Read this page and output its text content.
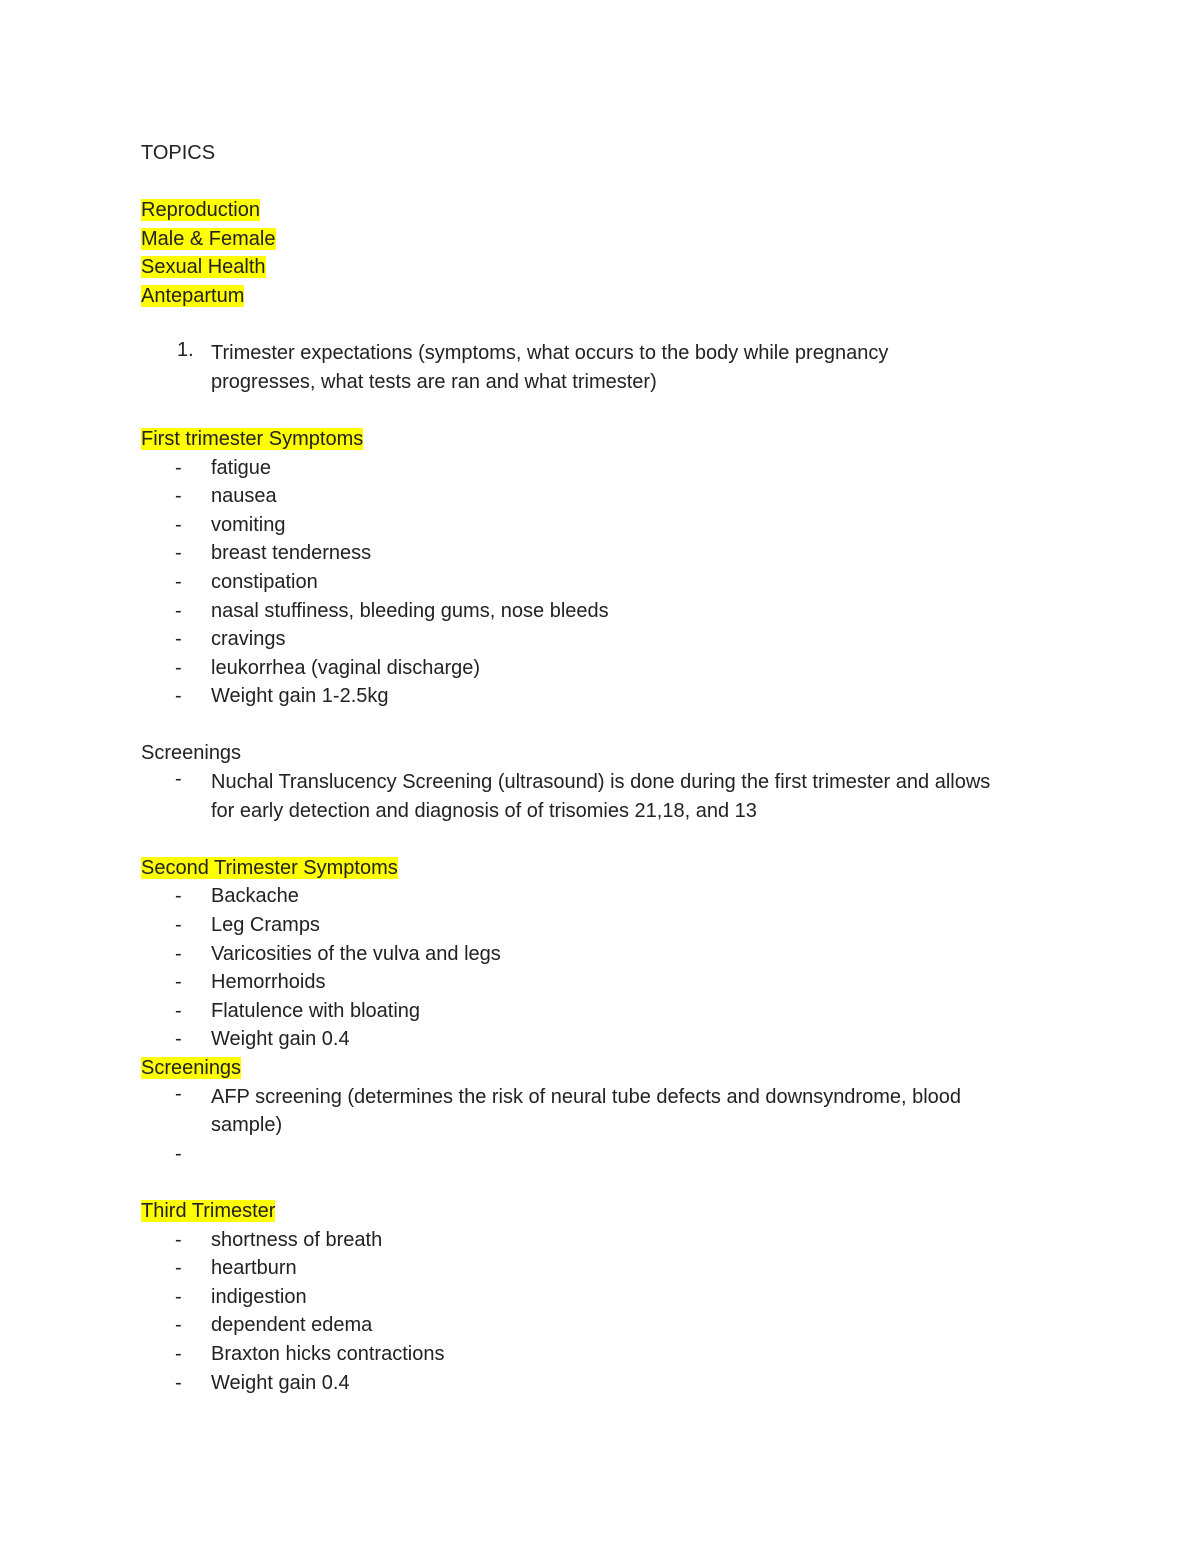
TOPICS
Reproduction
Male & Female
Sexual Health
Antepartum
1. Trimester expectations (symptoms, what occurs to the body while pregnancy
progresses, what tests are ran and what trimester)
First trimester Symptoms
-	fatigue
-	nausea
-	vomiting
-	breast tenderness
-	constipation
-	nasal stuffiness, bleeding gums, nose bleeds
-	cravings
-	leukorrhea (vaginal discharge)
-	Weight gain 1-2.5kg
Screenings
-	Nuchal Translucency Screening (ultrasound) is done during the first trimester and allows
for early detection and diagnosis of of trisomies 21,18, and 13
Second Trimester Symptoms
-	Backache
-	Leg Cramps
-	Varicosities of the vulva and legs
-	Hemorrhoids
-	Flatulence with bloating
-	Weight gain 0.4
Screenings
-	AFP screening (determines the risk of neural tube defects and downsyndrome, blood
sample)
-
Third Trimester
-	shortness of breath
-	heartburn
-	indigestion
-	dependent edema
-	Braxton hicks contractions
-	Weight gain 0.4
